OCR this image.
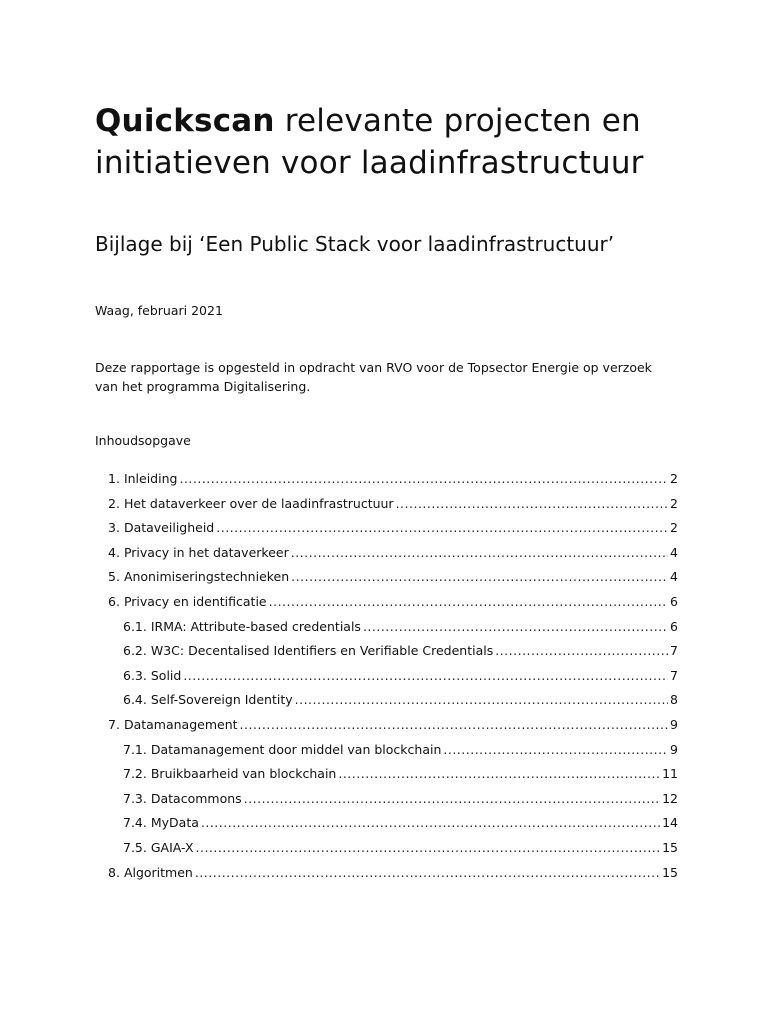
Quickscan relevante projecten en
initiatieven voor laadinfrastructuur
Bijlage bij ‘Een Public Stack voor laadinfrastructuur’
Waag, februari 2021

Deze rapportage is opgesteld in opdracht van RVO voor de Topsector Energie op verzoek van het programma Digitalisering.

Inhoudsopgave
1. Inleiding .....	2
2. Het dataverkeer over de laadinfrastructuur .....	2
3. Dataveiligheid .....	2
4. Privacy in het dataverkeer .....	4
5. Anonimiseringstechnieken .....	4
6. Privacy en identificatie .....	6
6.1. IRMA: Attribute-based credentials .....	6
6.2. W3C: Decentalised Identifiers en Verifiable Credentials .....	7
6.3. Solid .....	7
6.4. Self-Sovereign Identity .....	8
7. Datamanagement .....	9
7.1. Datamanagement door middel van blockchain .....	9
7.2. Bruikbaarheid van blockchain .....	11
7.3. Datacommons .....	12
7.4. MyData .....	14
7.5. GAIA-X .....	15
8. Algoritmen .....	15
